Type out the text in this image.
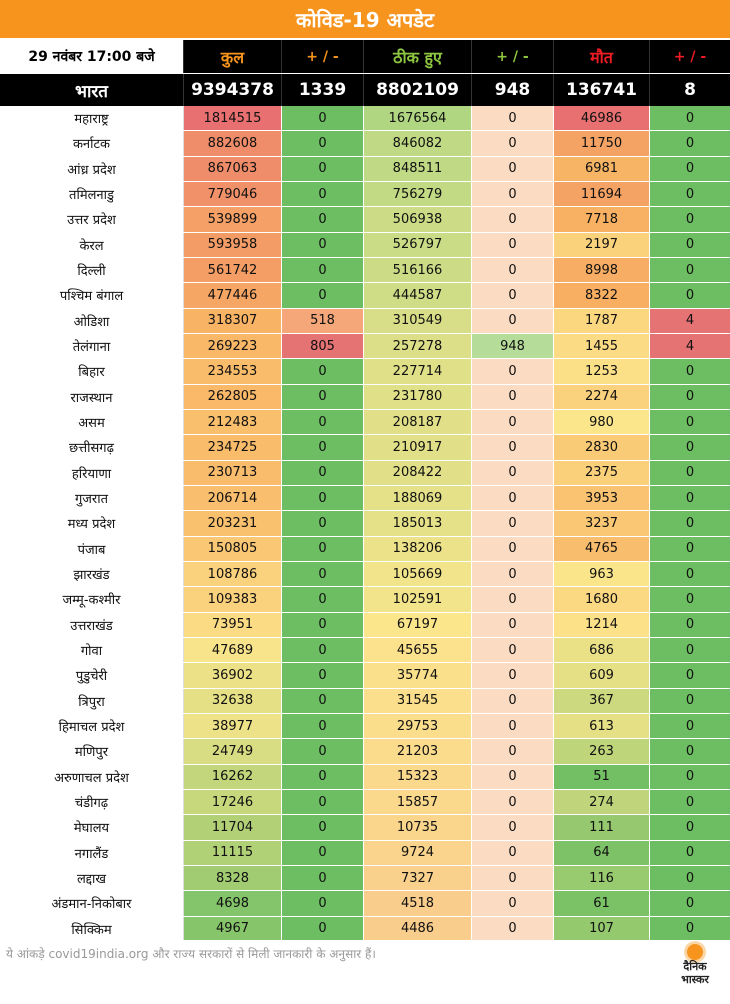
कोविड-19 अपडेट
29 नवंबर 17:00 बजे	कुल	+ / -	ठीक हुए	+ / -	मौत	+ / -
भारत	9394378	1339	8802109	948	136741	8
महाराष्ट्र	1814515	0	1676564	0	46986	0
कर्नाटक	882608	0	846082	0	11750	0
आंध्र प्रदेश	867063	0	848511	0	6981	0
तमिलनाडु	779046	0	756279	0	11694	0
उत्तर प्रदेश	539899	0	506938	0	7718	0
केरल	593958	0	526797	0	2197	0
दिल्ली	561742	0	516166	0	8998	0
पश्चिम बंगाल	477446	0	444587	0	8322	0
ओडिशा	318307	518	310549	0	1787	4
तेलंगाना	269223	805	257278	948	1455	4
बिहार	234553	0	227714	0	1253	0
राजस्थान	262805	0	231780	0	2274	0
असम	212483	0	208187	0	980	0
छत्तीसगढ़	234725	0	210917	0	2830	0
हरियाणा	230713	0	208422	0	2375	0
गुजरात	206714	0	188069	0	3953	0
मध्य प्रदेश	203231	0	185013	0	3237	0
पंजाब	150805	0	138206	0	4765	0
झारखंड	108786	0	105669	0	963	0
जम्मू-कश्मीर	109383	0	102591	0	1680	0
उत्तराखंड	73951	0	67197	0	1214	0
गोवा	47689	0	45655	0	686	0
पुडुचेरी	36902	0	35774	0	609	0
त्रिपुरा	32638	0	31545	0	367	0
हिमाचल प्रदेश	38977	0	29753	0	613	0
मणिपुर	24749	0	21203	0	263	0
अरुणाचल प्रदेश	16262	0	15323	0	51	0
चंडीगढ़	17246	0	15857	0	274	0
मेघालय	11704	0	10735	0	111	0
नगालैंड	11115	0	9724	0	64	0
लद्दाख	8328	0	7327	0	116	0
अंडमान-निकोबार	4698	0	4518	0	61	0
सिक्किम	4967	0	4486	0	107	0
ये आंकड़े covid19india.org और राज्य सरकारों से मिली जानकारी के अनुसार हैं।
दैनिक
भास्कर
